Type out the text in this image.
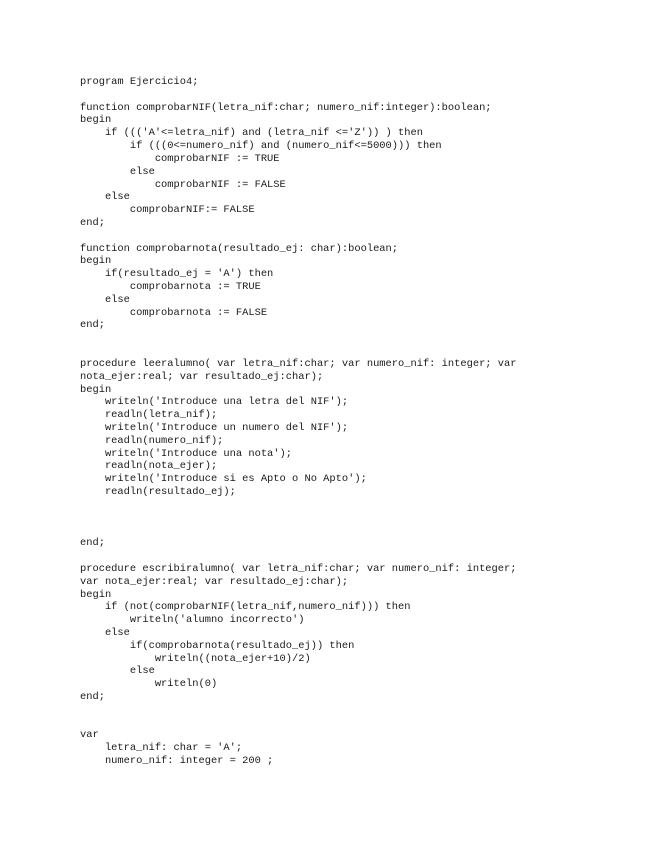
program Ejercicio4;
function comprobarNIF(letra_nif:char; numero_nif:integer):boolean;
begin
if ((('A'<=letra_nif) and (letra_nif <='Z')) ) then
if (((0<=numero_nif) and (numero_nif<=5000))) then
comprobarNIF := TRUE
else
comprobarNIF := FALSE
else
comprobarNIF:= FALSE
end;
function comprobarnota(resultado_ej: char):boolean;
begin
if(resultado_ej = 'A') then
comprobarnota := TRUE
else
comprobarnota := FALSE
end;
procedure leeralumno( var letra_nif:char; var numero_nif: integer; var
nota_ejer:real; var resultado_ej:char);
begin
writeln('Introduce una letra del NIF');
readln(letra_nif);
writeln('Introduce un numero del NIF');
readln(numero_nif);
writeln('Introduce una nota');
readln(nota_ejer);
writeln('Introduce si es Apto o No Apto');
readln(resultado_ej);
end;
procedure escribiralumno( var letra_nif:char; var numero_nif: integer;
var nota_ejer:real; var resultado_ej:char);
begin
if (not(comprobarNIF(letra_nif,numero_nif))) then
writeln('alumno incorrecto')
else
if(comprobarnota(resultado_ej)) then
writeln((nota_ejer+10)/2)
else
writeln(0)
end;
var
letra_nif: char = 'A';
numero_nif: integer = 200 ;
